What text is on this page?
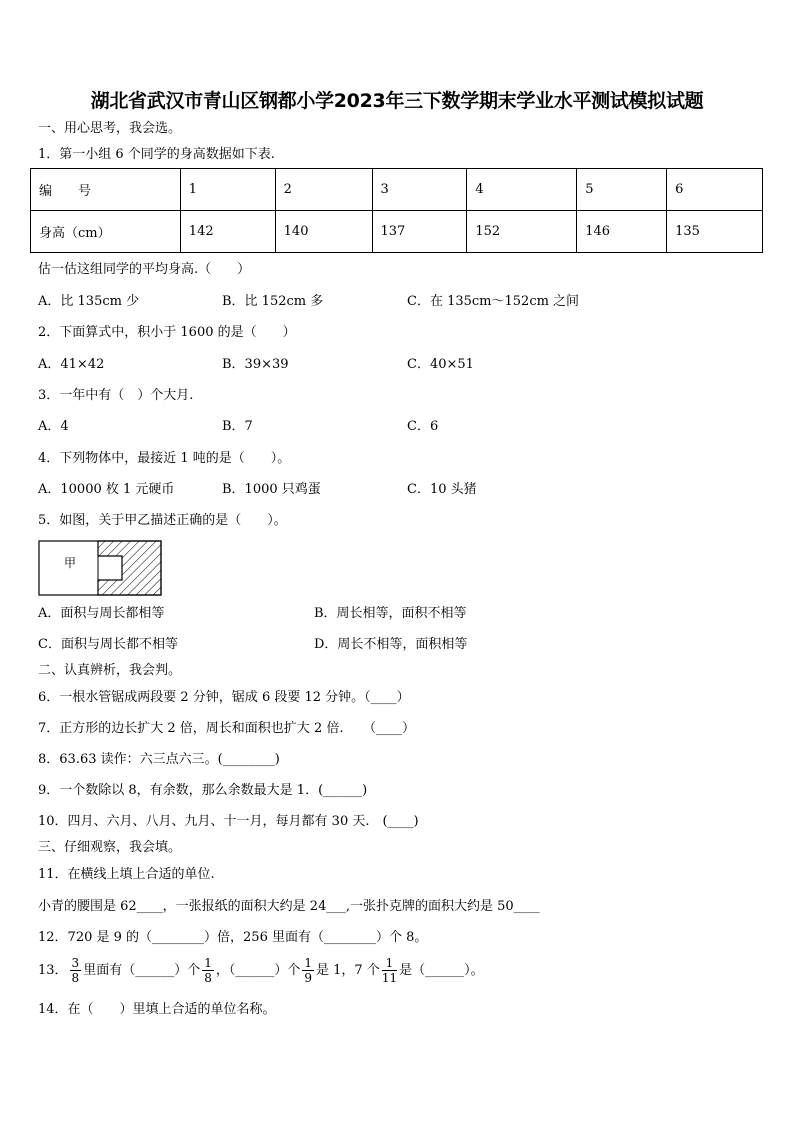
湖北省武汉市青山区钢都小学2023年三下数学期末学业水平测试模拟试题
一、用心思考，我会选。
1．第一小组 6 个同学的身高数据如下表.
编　　号	1	2	3	4	5	6
身高（cm）	142	140	137	152	146	135
估一估这组同学的平均身高.（　　）
A．比 135cm 少	B．比 152cm 多	C．在 135cm～152cm 之间
2．下面算式中，积小于 1600 的是（　　）
A．41×42	B．39×39	C．40×51
3．一年中有（　）个大月.
A．4	B．7	C．6
4．下列物体中，最接近 1 吨的是（　　）。
A．10000 枚 1 元硬币	B．1000 只鸡蛋	C．10 头猪
5．如图，关于甲乙描述正确的是（　　）。
甲
A．面积与周长都相等	B．周长相等，面积不相等
C．面积与周长都不相等	D．周长不相等，面积相等
二、认真辨析，我会判。
6．一根水管锯成两段要 2 分钟，锯成 6 段要 12 分钟。（____）
7．正方形的边长扩大 2 倍，周长和面积也扩大 2 倍.　　（____）
8．63.63 读作：六三点六三。(________)
9．一个数除以 8，有余数，那么余数最大是 1．(______)
10．四月、六月、八月、九月、十一月，每月都有 30 天.　(____)
三、仔细观察，我会填。
11．在横线上填上合适的单位.
小青的腰围是 62____，一张报纸的面积大约是 24___,一张扑克牌的面积大约是 50____
12．720 是 9 的（________）倍，256 里面有（________）个 8。
13． $\frac{3}{8}$ 里面有（______）个 $\frac{1}{8}$ ，（______）个 $\frac{1}{9}$ 是 1，7 个 $\frac{1}{11}$ 是（______）。
14．在（　　）里填上合适的单位名称。
